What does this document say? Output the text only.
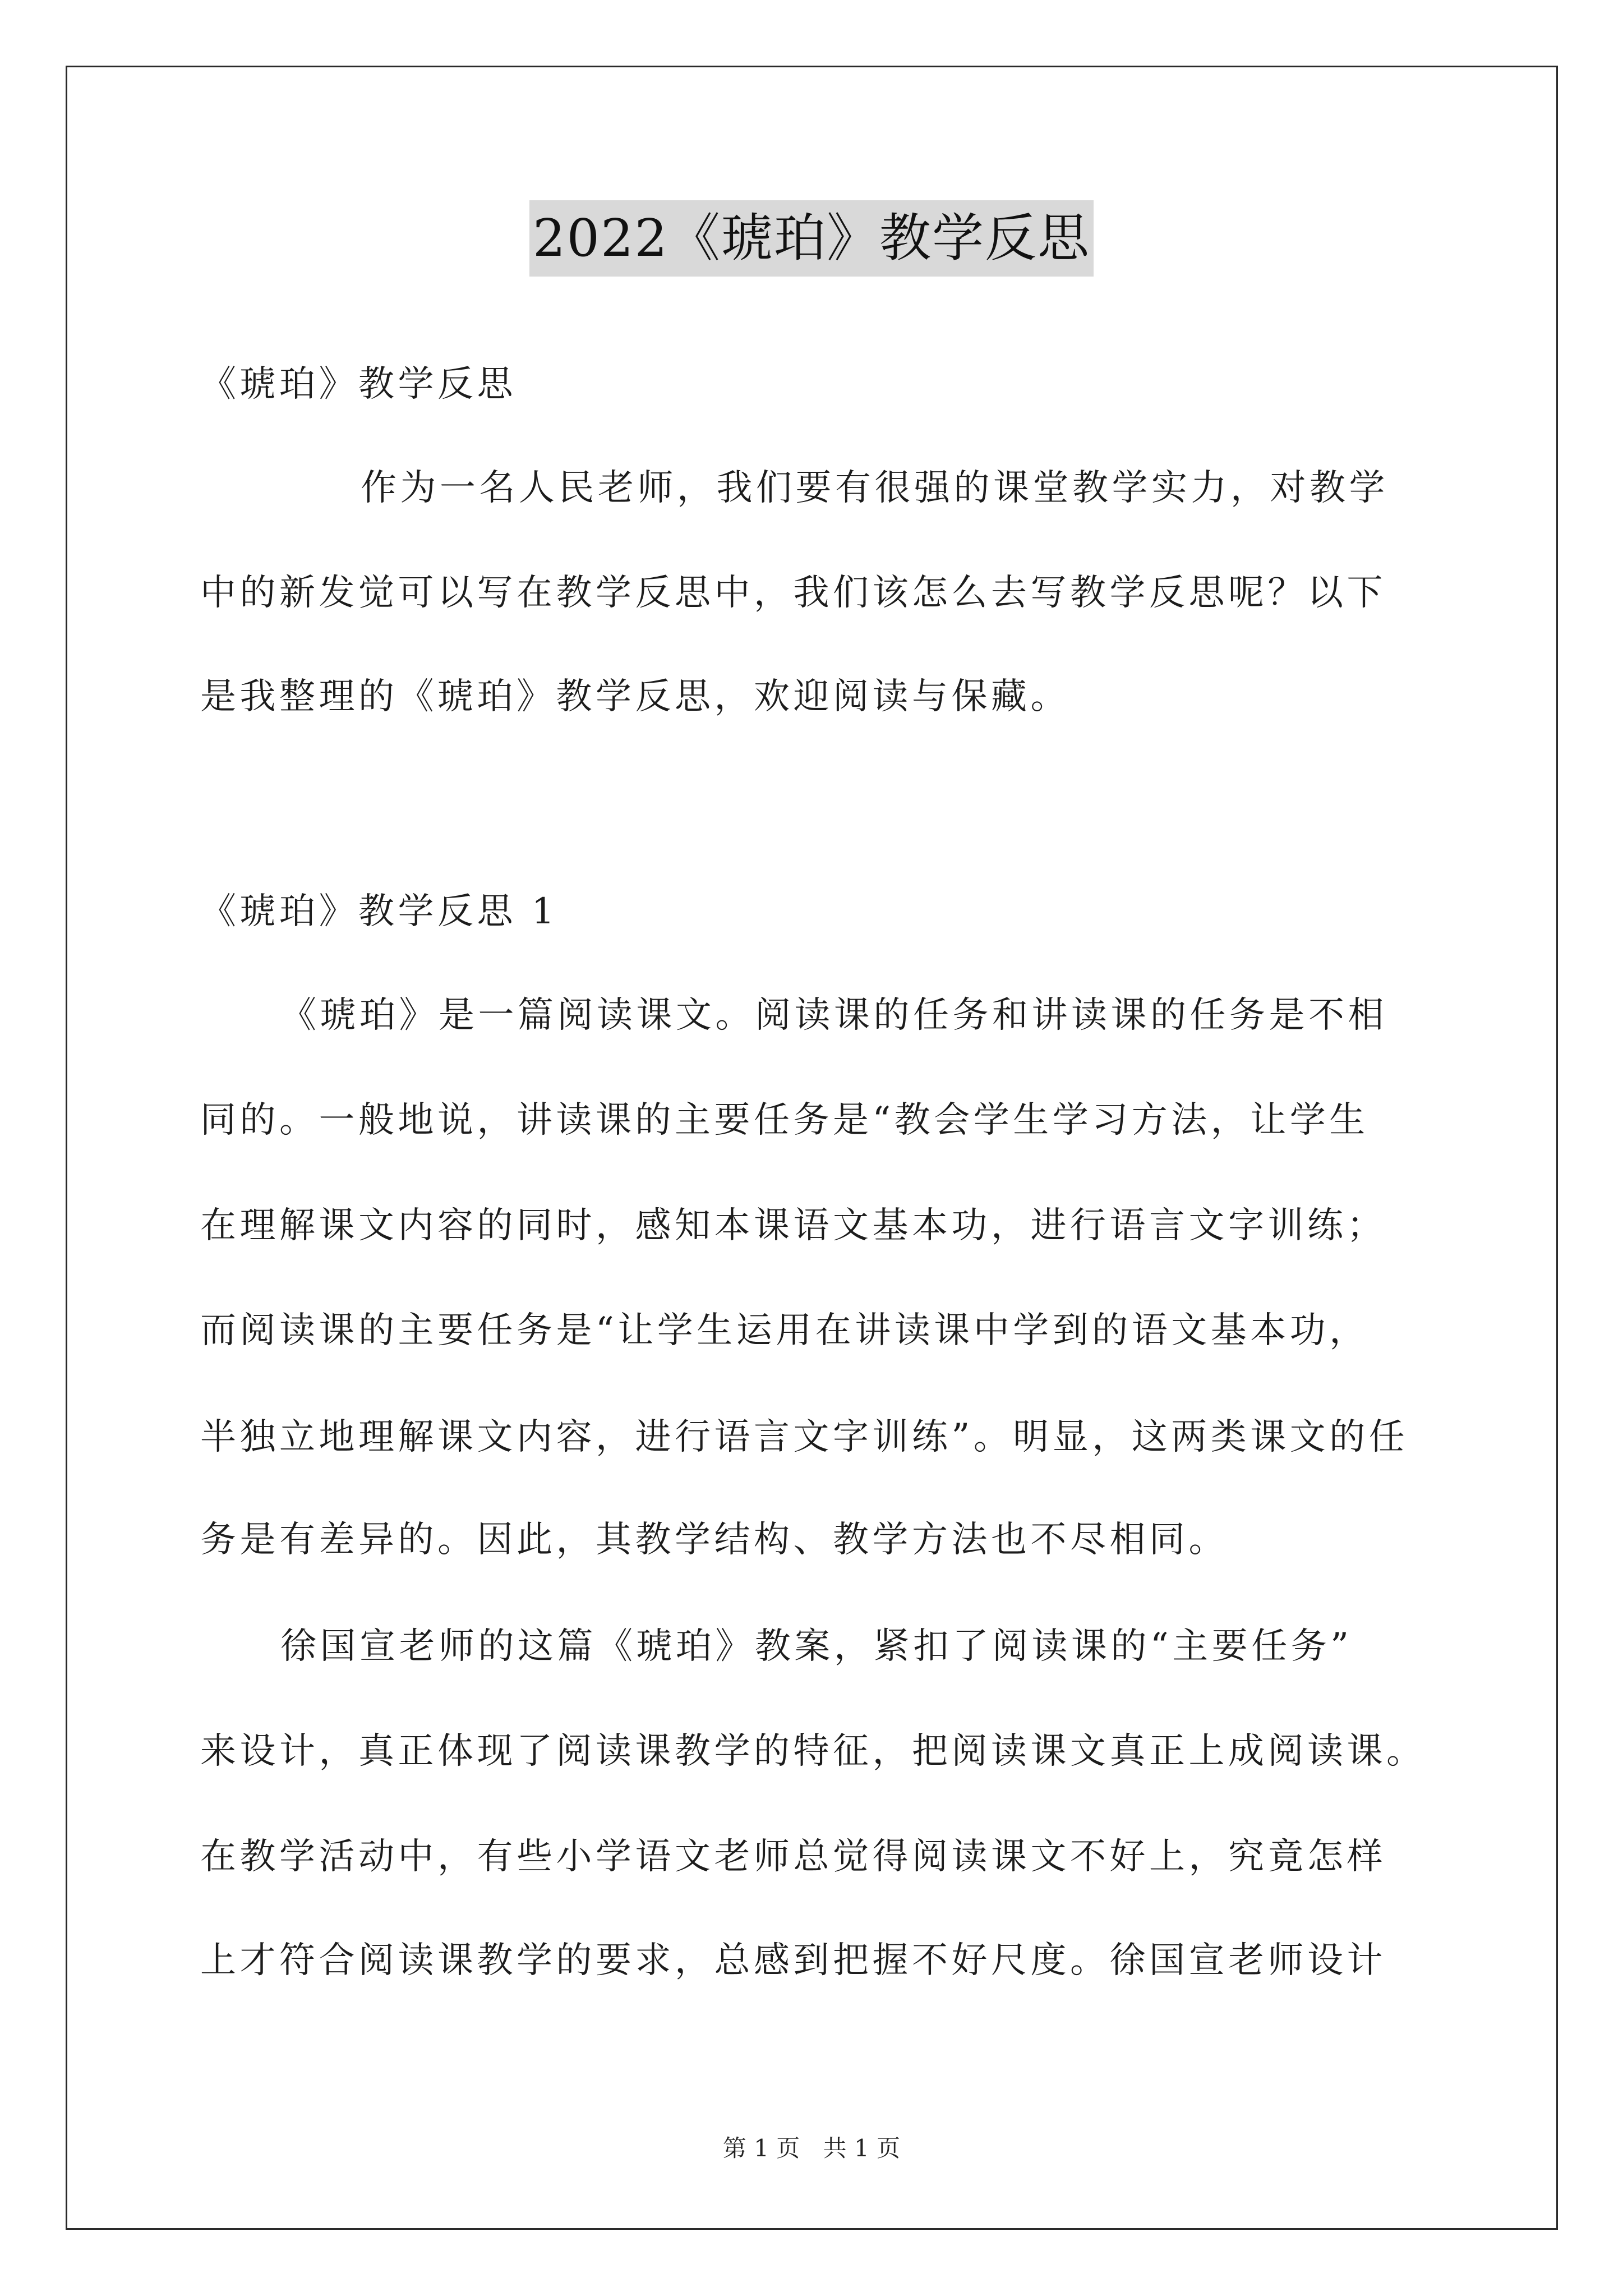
2022《琥珀》教学反思
《琥珀》教学反思
作为一名人民老师，我们要有很强的课堂教学实力，对教学
中的新发觉可以写在教学反思中，我们该怎么去写教学反思呢？以下
是我整理的《琥珀》教学反思，欢迎阅读与保藏。
《琥珀》教学反思 1
《琥珀》是一篇阅读课文。阅读课的任务和讲读课的任务是不相
同的。一般地说，讲读课的主要任务是“教会学生学习方法，让学生
在理解课文内容的同时，感知本课语文基本功，进行语言文字训练；
而阅读课的主要任务是“让学生运用在讲读课中学到的语文基本功，
半独立地理解课文内容，进行语言文字训练”。明显，这两类课文的任
务是有差异的。因此，其教学结构、教学方法也不尽相同。
徐国宣老师的这篇《琥珀》教案，紧扣了阅读课的“主要任务”
来设计，真正体现了阅读课教学的特征，把阅读课文真正上成阅读课。
在教学活动中，有些小学语文老师总觉得阅读课文不好上，究竟怎样
上才符合阅读课教学的要求，总感到把握不好尺度。徐国宣老师设计
第 1 页 共 1 页
